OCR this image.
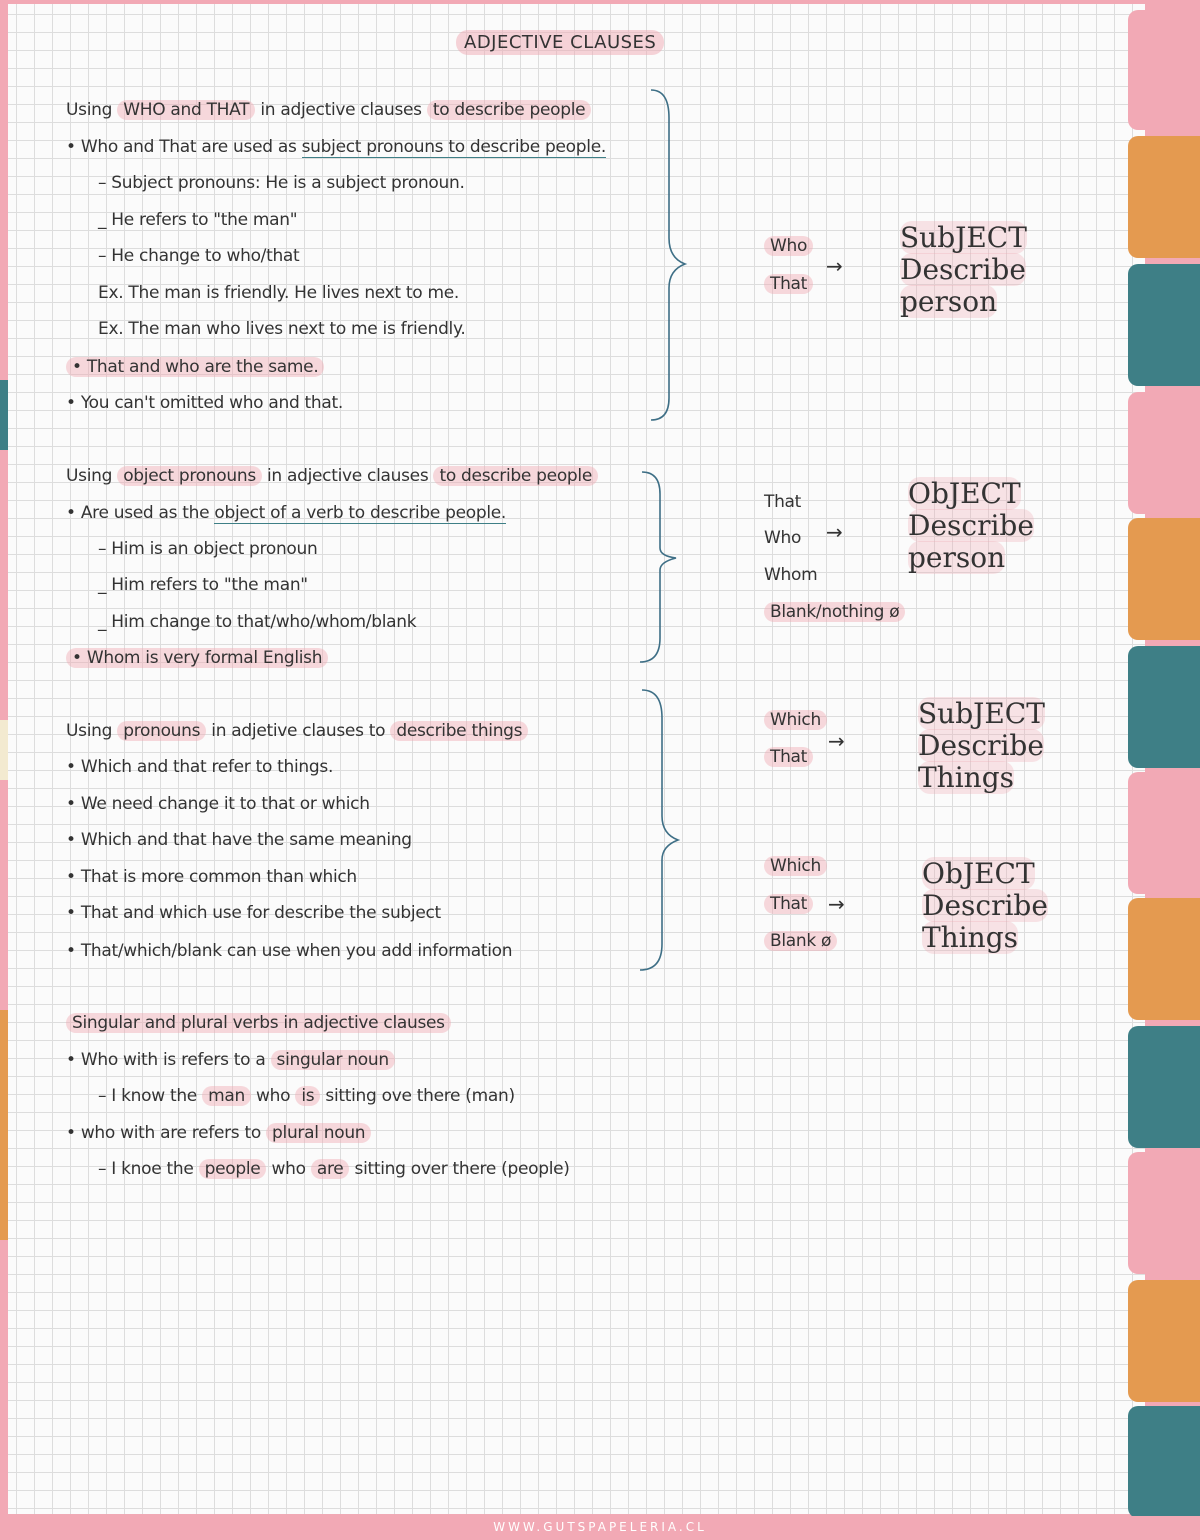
ADJECTIVE CLAUSES
Using WHO and THAT in adjective clauses to describe people
• Who and That are used as subject pronouns to describe people.
– Subject pronouns: He is a subject pronoun.
_ He refers to "the man"
– He change to who/that
Ex. The man is friendly. He lives next to me.
Ex. The man who lives next to me is friendly.
• That and who are the same.
• You can't omitted who and that.
Who
That
→
SubJECT
Describe
person
Using object pronouns in adjective clauses to describe people
• Are used as the object of a verb to describe people.
– Him is an object pronoun
_ Him refers to "the man"
_ Him change to that/who/whom/blank
• Whom is very formal English
That
Who
Whom
Blank/nothing ø
→
ObJECT
Describe
person
Using pronouns in adjetive clauses to describe things
• Which and that refer to things.
• We need change it to that or which
• Which and that have the same meaning
• That is more common than which
• That and which use for describe the subject
• That/which/blank can use when you add information
Which
That
→
SubJECT
Describe
Things
Which
That
Blank ø
→
ObJECT
Describe
Things
Singular and plural verbs in adjective clauses
• Who with is refers to a singular noun
– I know the man who is sitting ove there (man)
• who with are refers to plural noun
– I knoe the people who are sitting over there (people)
WWW.GUTSPAPELERIA.CL
